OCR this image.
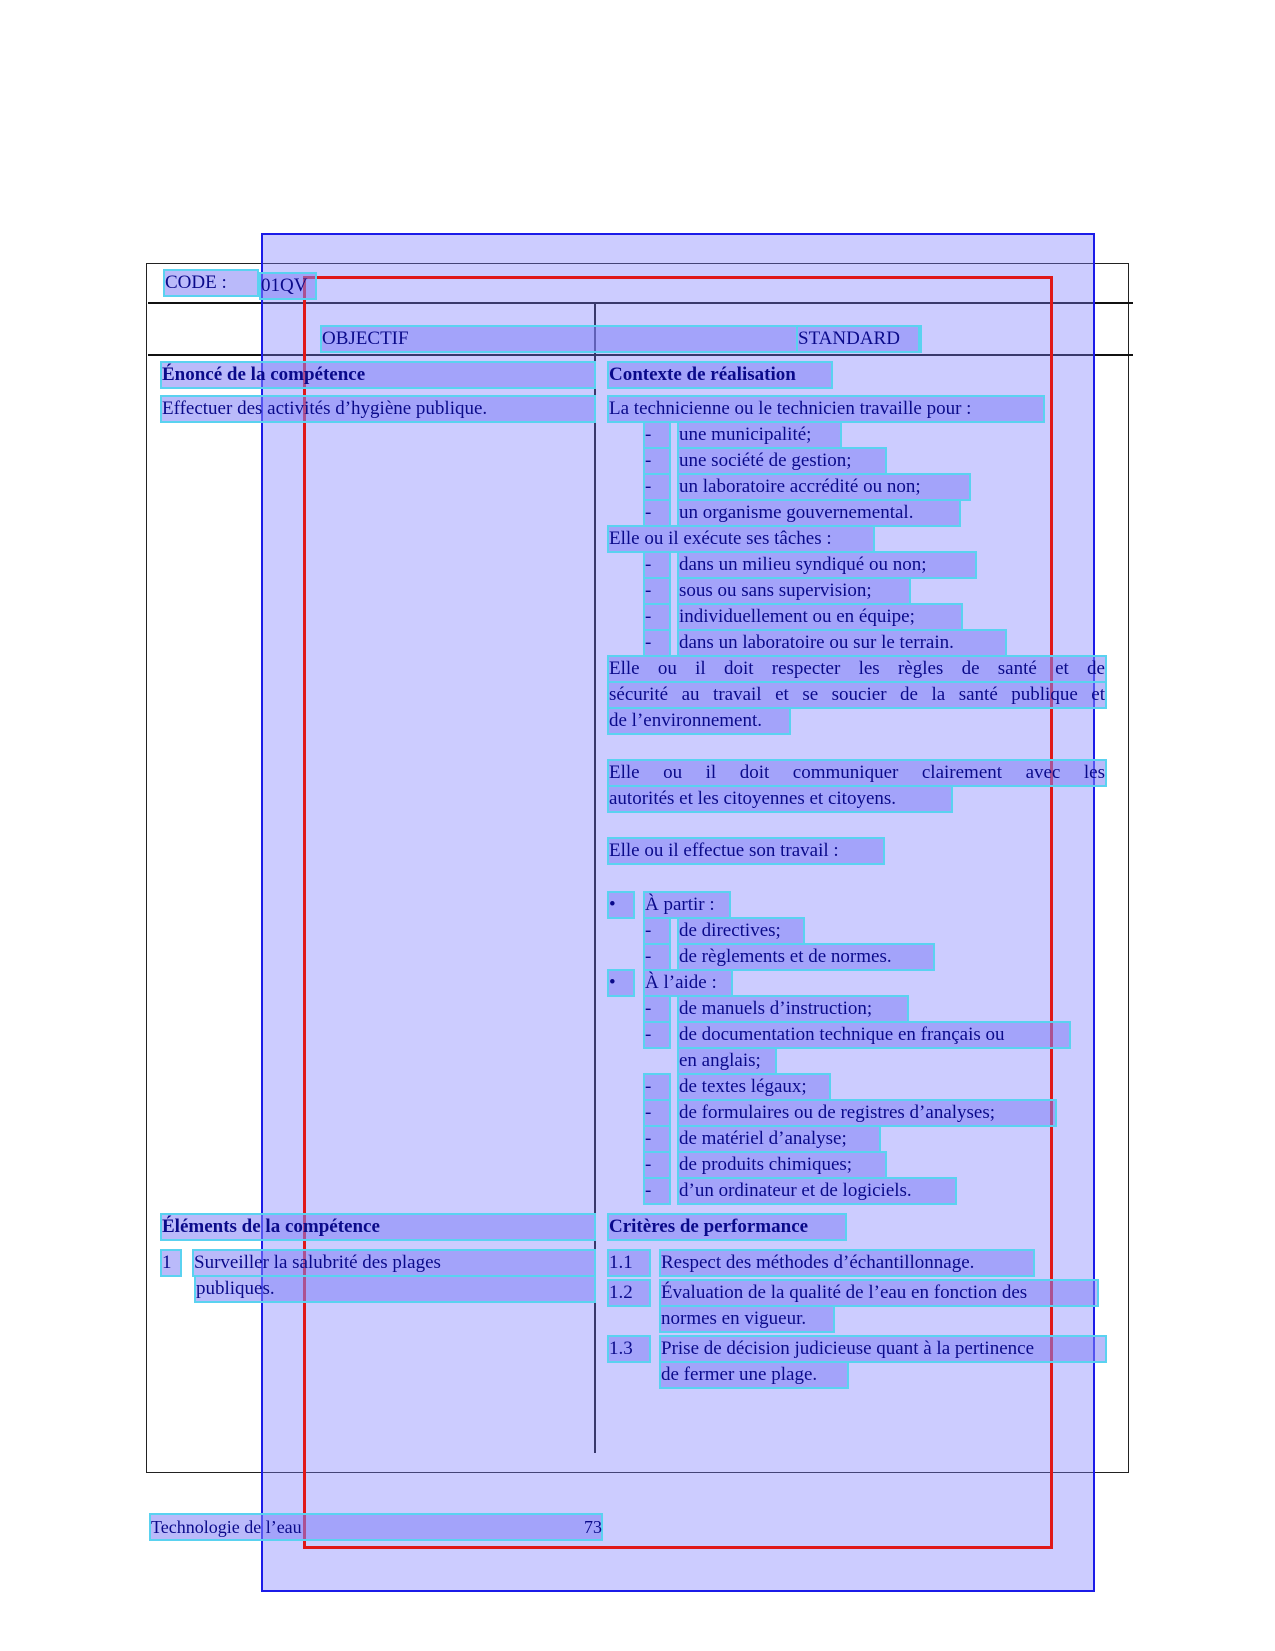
CODE :	01QV
OBJECTIF	STANDARD
Énoncé de la compétence
Effectuer des activités d’hygiène publique.
Éléments de la compétence
1	Surveiller la salubrité des plages
publiques.
Contexte de réalisation
La technicienne ou le technicien travaille pour :
-	une municipalité;
-	une société de gestion;
-	un laboratoire accrédité ou non;
-	un organisme gouvernemental.
Elle ou il exécute ses tâches :
-	dans un milieu syndiqué ou non;
-	sous ou sans supervision;
-	individuellement ou en équipe;
-	dans un laboratoire ou sur le terrain.
Elle ou il doit respecter les règles de santé et de
sécurité au travail et se soucier de la santé publique et
de l’environnement.
Elle ou il doit communiquer clairement avec les
autorités et les citoyennes et citoyens.
Elle ou il effectue son travail :
•	À partir :
-	de directives;
-	de règlements et de normes.
•	À l’aide :
-	de manuels d’instruction;
-	de documentation technique en français ou
en anglais;
-	de textes légaux;
-	de formulaires ou de registres d’analyses;
-	de matériel d’analyse;
-	de produits chimiques;
-	d’un ordinateur et de logiciels.
Critères de performance
1.1	Respect des méthodes d’échantillonnage.
1.2	Évaluation de la qualité de l’eau en fonction des
normes en vigueur.
1.3	Prise de décision judicieuse quant à la pertinence
de fermer une plage.
Technologie de l’eau	73
